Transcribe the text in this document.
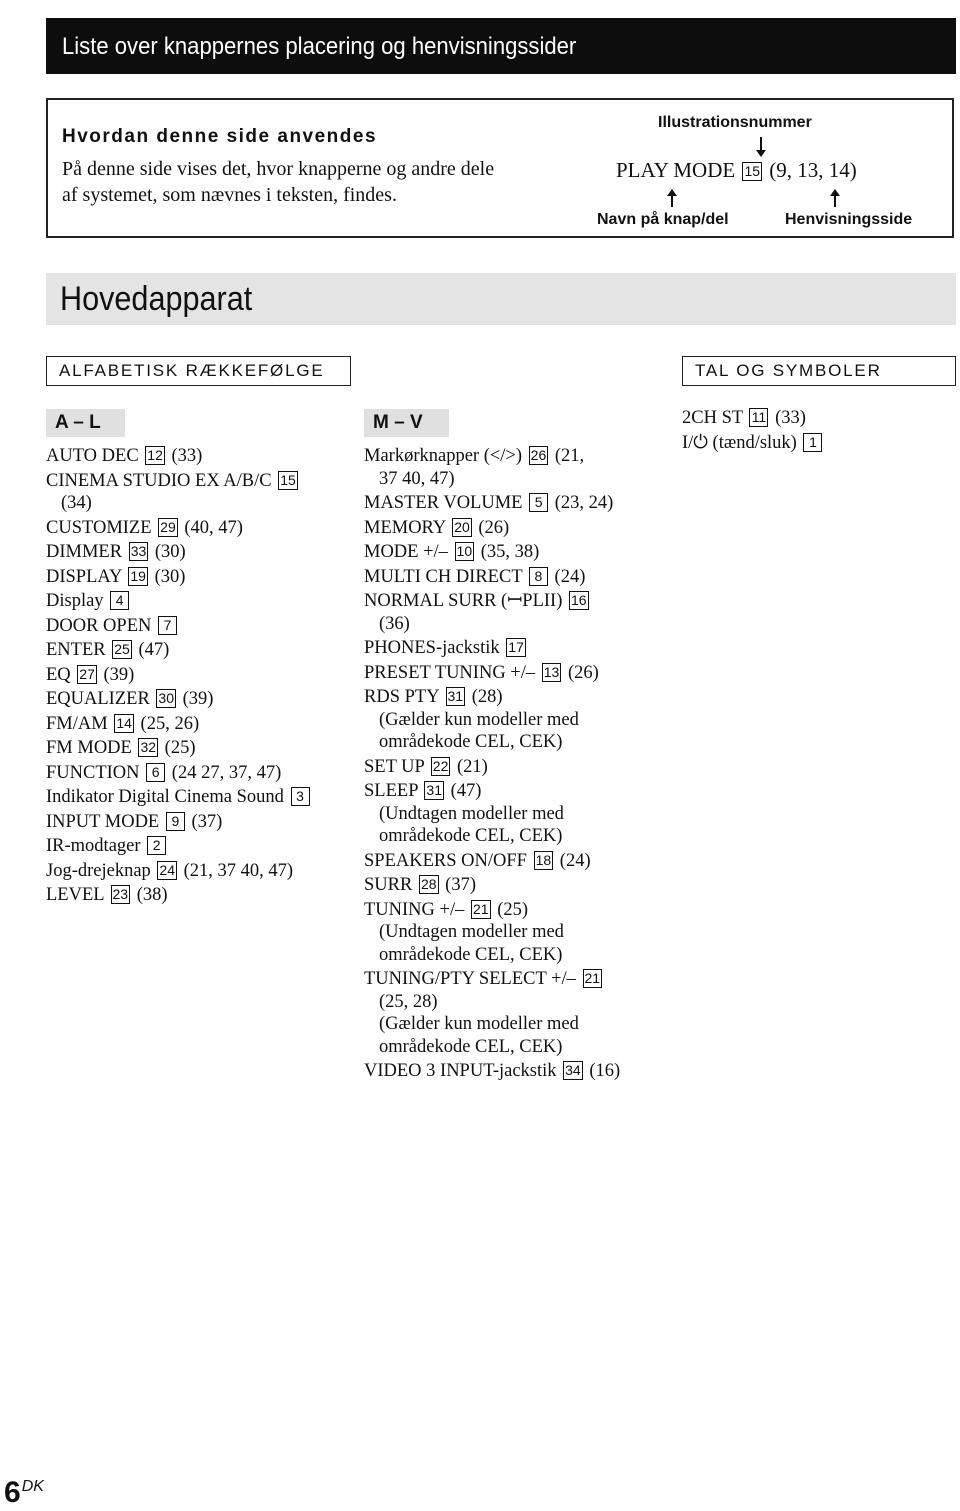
Liste over knappernes placering og henvisningssider
Hvordan denne side anvendes
På denne side vises det, hvor knapperne og andre dele
af systemet, som nævnes i teksten, findes.
Illustrationsnummer
PLAY MODE 15 (9, 13, 14)
Navn på knap/del	Henvisningsside
Hovedapparat
ALFABETISK RÆKKEFØLGE	TAL OG SYMBOLER
A – L	M – V
AUTO DEC 12 (33)
CINEMA STUDIO EX A/B/C 15
(34)
CUSTOMIZE 29 (40, 47)
DIMMER 33 (30)
DISPLAY 19 (30)
Display 4
DOOR OPEN 7
ENTER 25 (47)
EQ 27 (39)
EQUALIZER 30 (39)
FM/AM 14 (25, 26)
FM MODE 32 (25)
FUNCTION 6 (24 27, 37, 47)
Indikator Digital Cinema Sound 3
INPUT MODE 9 (37)
IR-modtager 2
Jog-drejeknap 24 (21, 37 40, 47)
LEVEL 23 (38)
Markørknapper (</>) 26 (21,
37 40, 47)
MASTER VOLUME 5 (23, 24)
MEMORY 20 (26)
MODE +/– 10 (35, 38)
MULTI CH DIRECT 8 (24)
NORMAL SURR (ꟷPLII) 16
(36)
PHONES-jackstik 17
PRESET TUNING +/– 13 (26)
RDS PTY 31 (28)
(Gælder kun modeller med
områdekode CEL, CEK)
SET UP 22 (21)
SLEEP 31 (47)
(Undtagen modeller med
områdekode CEL, CEK)
SPEAKERS ON/OFF 18 (24)
SURR 28 (37)
TUNING +/– 21 (25)
(Undtagen modeller med
områdekode CEL, CEK)
TUNING/PTY SELECT +/– 21
(25, 28)
(Gælder kun modeller med
områdekode CEL, CEK)
VIDEO 3 INPUT-jackstik 34 (16)
2CH ST 11 (33)
I/⏻ (tænd/sluk) 1
$6^{DK}$
